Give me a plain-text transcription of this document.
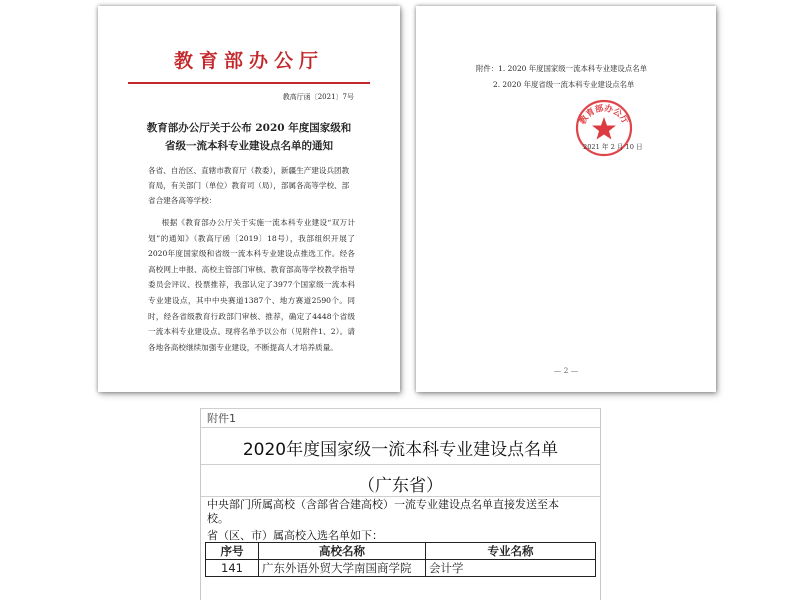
教育部办公厅
教高厅函〔2021〕7号
教育部办公厅关于公布 2020 年度国家级和
省级一流本科专业建设点名单的通知
各省、自治区、直辖市教育厅（教委），新疆生产建设兵团教育局，有关部门（单位）教育司（局），部属各高等学校、部省合建各高等学校：
根据《教育部办公厅关于实施一流本科专业建设“双万计划”的通知》（教高厅函〔2019〕18号），我部组织开展了2020年度国家级和省级一流本科专业建设点推选工作。经各高校网上申报、高校主管部门审核、教育部高等学校教学指导委员会评议、投票推荐，我部认定了3977个国家级一流本科专业建设点，其中中央赛道1387个、地方赛道2590个。同时，经各省级教育行政部门审核、推荐，确定了4448个省级一流本科专业建设点。现将名单予以公布（见附件1、2）。请各地各高校继续加强专业建设，不断提高人才培养质量。
附件：1. 2020 年度国家级一流本科专业建设点名单
2. 2020 年度省级一流本科专业建设点名单
教育部办公厅
2021 年 2 月 10 日
— 2 —
附件1
2020年度国家级一流本科专业建设点名单
（广东省）
中央部门所属高校（含部省合建高校）一流专业建设点名单直接发送至本
校。
省（区、市）属高校入选名单如下：
序号	高校名称	专业名称
141	广东外语外贸大学南国商学院	会计学
